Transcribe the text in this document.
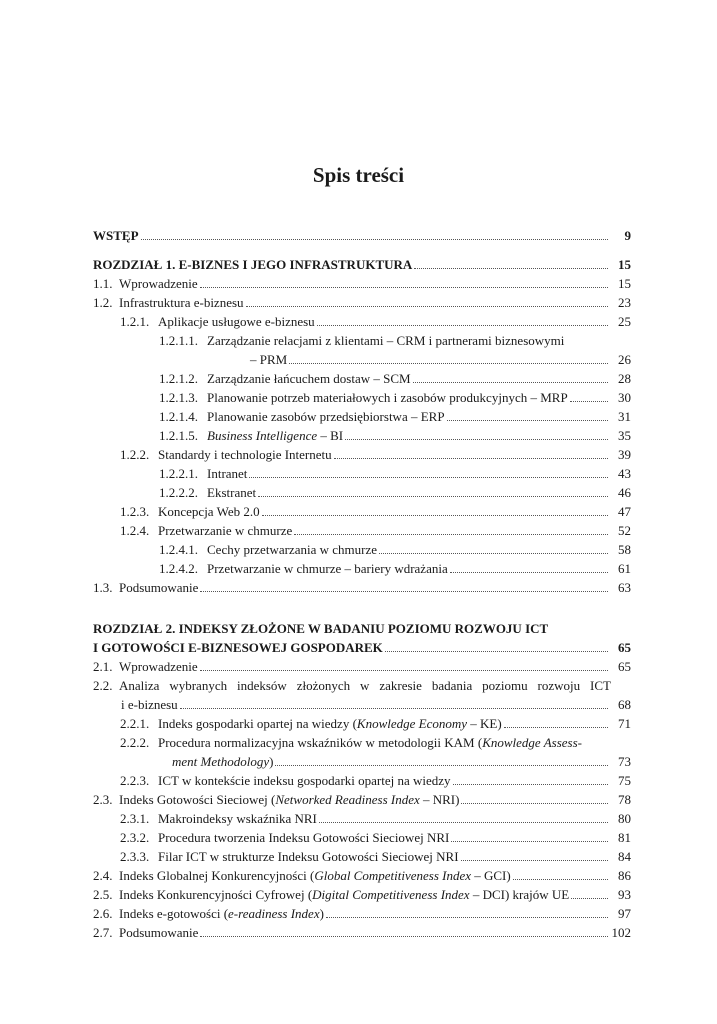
Spis treści
WSTĘP	9
ROZDZIAŁ 1. E-BIZNES I JEGO INFRASTRUKTURA	15
1.1. Wprowadzenie	15
1.2. Infrastruktura e-biznesu	23
1.2.1. Aplikacje usługowe e-biznesu	25
1.2.1.1. Zarządzanie relacjami z klientami – CRM i partnerami biznesowymi
– PRM	26
1.2.1.2. Zarządzanie łańcuchem dostaw – SCM	28
1.2.1.3. Planowanie potrzeb materiałowych i zasobów produkcyjnych – MRP	30
1.2.1.4. Planowanie zasobów przedsiębiorstwa – ERP	31
1.2.1.5. Business Intelligence – BI	35
1.2.2. Standardy i technologie Internetu	39
1.2.2.1. Intranet	43
1.2.2.2. Ekstranet	46
1.2.3. Koncepcja Web 2.0	47
1.2.4. Przetwarzanie w chmurze	52
1.2.4.1. Cechy przetwarzania w chmurze	58
1.2.4.2. Przetwarzanie w chmurze – bariery wdrażania	61
1.3. Podsumowanie	63
ROZDZIAŁ 2. INDEKSY ZŁOŻONE W BADANIU POZIOMU ROZWOJU ICT
I GOTOWOŚCI E-BIZNESOWEJ GOSPODAREK	65
2.1. Wprowadzenie	65
2.2. Analiza wybranych indeksów złożonych w zakresie badania poziomu rozwoju ICT
i e-biznesu	68
2.2.1. Indeks gospodarki opartej na wiedzy (Knowledge Economy – KE)	71
2.2.2. Procedura normalizacyjna wskaźników w metodologii KAM (Knowledge Assess-
ment Methodology)	73
2.2.3. ICT w kontekście indeksu gospodarki opartej na wiedzy	75
2.3. Indeks Gotowości Sieciowej (Networked Readiness Index – NRI)	78
2.3.1. Makroindeksy wskaźnika NRI	80
2.3.2. Procedura tworzenia Indeksu Gotowości Sieciowej NRI	81
2.3.3. Filar ICT w strukturze Indeksu Gotowości Sieciowej NRI	84
2.4. Indeks Globalnej Konkurencyjności (Global Competitiveness Index – GCI)	86
2.5. Indeks Konkurencyjności Cyfrowej (Digital Competitiveness Index – DCI) krajów UE	93
2.6. Indeks e-gotowości (e-readiness Index)	97
2.7. Podsumowanie	102
